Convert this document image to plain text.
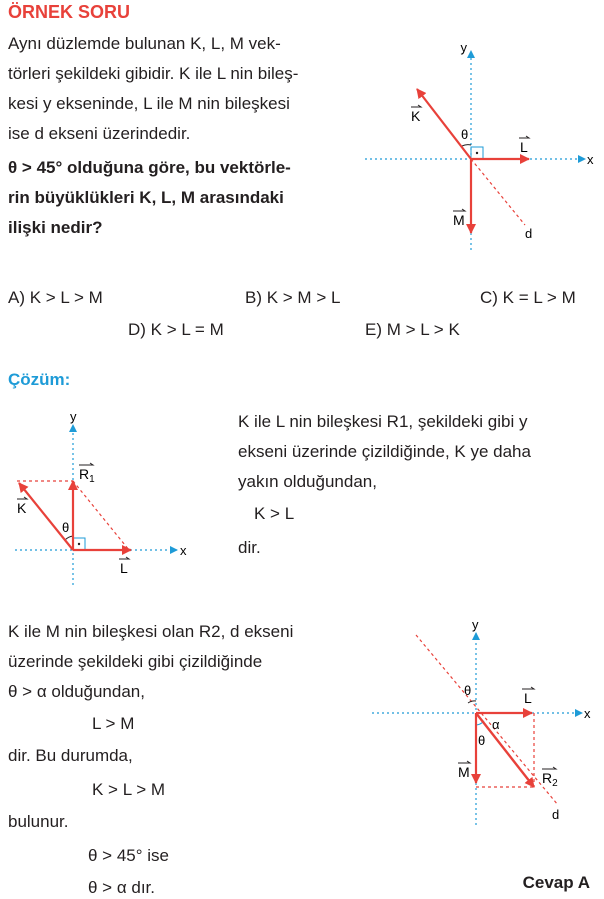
ÖRNEK SORU
Aynı düzlemde bulunan K, L, M vek-
törleri şekildeki gibidir. K ile L nin bileş-
kesi y ekseninde, L ile M nin bileşkesi
ise d ekseni üzerindedir.
θ > 45° olduğuna göre, bu vektörle-
rin büyüklükleri K, L, M arasındaki
ilişki nedir?
y
x
K
L
M
d
θ
A) K > L > M	B) K > M > L	C) K = L > M
D) K > L = M	E) M > L > K
Çözüm:
y
x
K
L
$R_1$
θ
K ile L nin bileşkesi R1, şekildeki gibi y
ekseni üzerinde çizildiğinde, K ye daha
yakın olduğundan,
K > L
dir.
K ile M nin bileşkesi olan R2, d ekseni
üzerinde şekildeki gibi çizildiğinde
θ > α olduğundan,
L > M
dir. Bu durumda,
K > L > M
bulunur.
θ > 45° ise
θ > α dır.
y
x
L
M	$R_2$
d
θ
α
θ
Cevap A
